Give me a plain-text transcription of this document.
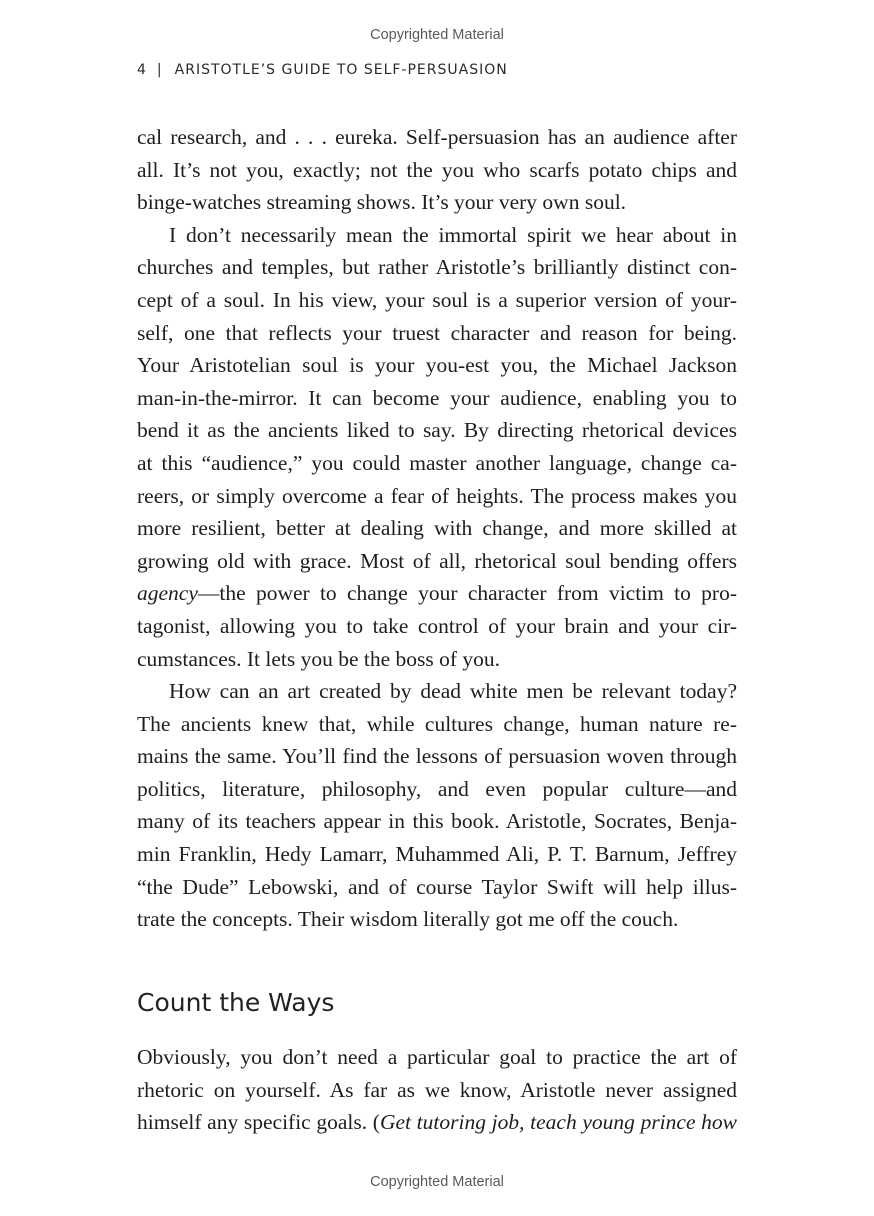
Copyrighted Material
4 | ARISTOTLE’S GUIDE TO SELF-PERSUASION
cal research, and . . . eureka. Self-persuasion has an audience after
all. It’s not you, exactly; not the you who scarfs potato chips and
binge-watches streaming shows. It’s your very own soul.
I don’t necessarily mean the immortal spirit we hear about in
churches and temples, but rather Aristotle’s brilliantly distinct con-
cept of a soul. In his view, your soul is a superior version of your-
self, one that reflects your truest character and reason for being.
Your Aristotelian soul is your you-est you, the Michael Jackson
man-in-the-mirror. It can become your audience, enabling you to
bend it as the ancients liked to say. By directing rhetorical devices
at this “audience,” you could master another language, change ca-
reers, or simply overcome a fear of heights. The process makes you
more resilient, better at dealing with change, and more skilled at
growing old with grace. Most of all, rhetorical soul bending offers
agency—the power to change your character from victim to pro-
tagonist, allowing you to take control of your brain and your cir-
cumstances. It lets you be the boss of you.
How can an art created by dead white men be relevant today?
The ancients knew that, while cultures change, human nature re-
mains the same. You’ll find the lessons of persuasion woven through
politics, literature, philosophy, and even popular culture—and
many of its teachers appear in this book. Aristotle, Socrates, Benja-
min Franklin, Hedy Lamarr, Muhammed Ali, P. T. Barnum, Jeffrey
“the Dude” Lebowski, and of course Taylor Swift will help illus-
trate the concepts. Their wisdom literally got me off the couch.
Count the Ways
Obviously, you don’t need a particular goal to practice the art of
rhetoric on yourself. As far as we know, Aristotle never assigned
himself any specific goals. (Get tutoring job, teach young prince how
Copyrighted Material
